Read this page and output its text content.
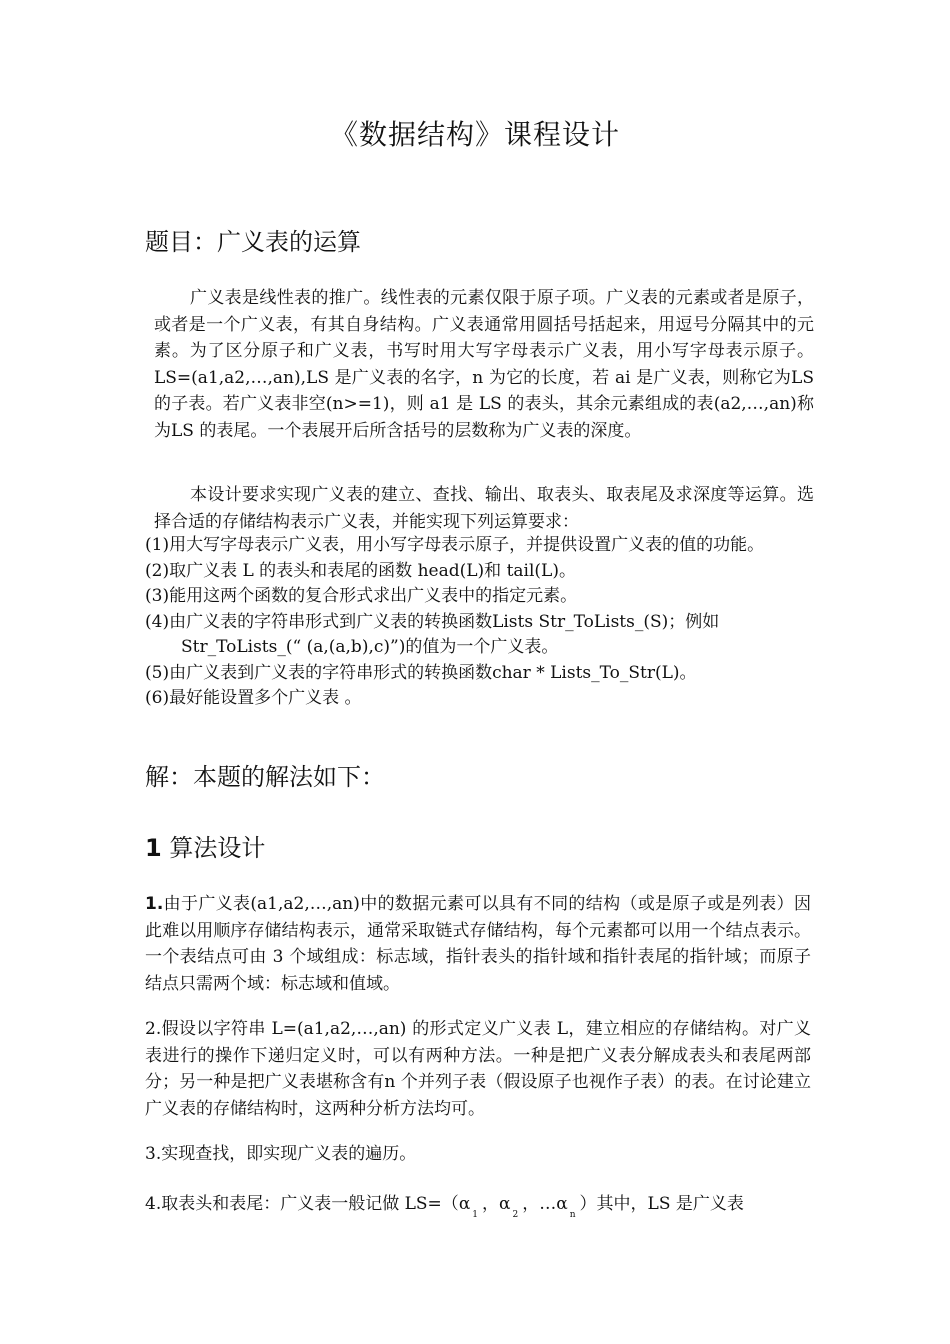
《数据结构》课程设计
题目：广义表的运算
广义表是线性表的推广。线性表的元素仅限于原子项。广义表的元素或者是原子，或者是一个广义表，有其自身结构。广义表通常用圆括号括起来，用逗号分隔其中的元素。为了区分原子和广义表，书写时用大写字母表示广义表，用小写字母表示原子。LS=(a1,a2,…,an),LS 是广义表的名字，n 为它的长度，若 ai 是广义表，则称它为LS 的子表。若广义表非空(n>=1)，则 a1 是 LS 的表头，其余元素组成的表(a2,…,an)称为LS 的表尾。一个表展开后所含括号的层数称为广义表的深度。
本设计要求实现广义表的建立、查找、输出、取表头、取表尾及求深度等运算。选择合适的存储结构表示广义表，并能实现下列运算要求：
(1)用大写字母表示广义表，用小写字母表示原子，并提供设置广义表的值的功能。
(2)取广义表 L 的表头和表尾的函数 head(L)和 tail(L)。
(3)能用这两个函数的复合形式求出广义表中的指定元素。
(4)由广义表的字符串形式到广义表的转换函数Lists Str_ToLists_(S)；例如 Str_ToLists_(“ (a,(a,b),c)”)的值为一个广义表。
(5)由广义表到广义表的字符串形式的转换函数char * Lists_To_Str(L)。
(6)最好能设置多个广义表 。
解：本题的解法如下：
1 算法设计
1.由于广义表(a1,a2,…,an)中的数据元素可以具有不同的结构（或是原子或是列表）因此难以用顺序存储结构表示，通常采取链式存储结构，每个元素都可以用一个结点表示。一个表结点可由 3 个域组成：标志域，指针表头的指针域和指针表尾的指针域；而原子结点只需两个域：标志域和值域。
2.假设以字符串 L=(a1,a2,…,an) 的形式定义广义表 L，建立相应的存储结构。对广义表进行的操作下递归定义时，可以有两种方法。一种是把广义表分解成表头和表尾两部分；另一种是把广义表堪称含有n 个并列子表（假设原子也视作子表）的表。在讨论建立广义表的存储结构时，这两种分析方法均可。
3.实现查找，即实现广义表的遍历。
4.取表头和表尾：广义表一般记做 $LS=(\alpha_1$，$\alpha_2$，$\dots\alpha_n$）其中，LS 是广义表
